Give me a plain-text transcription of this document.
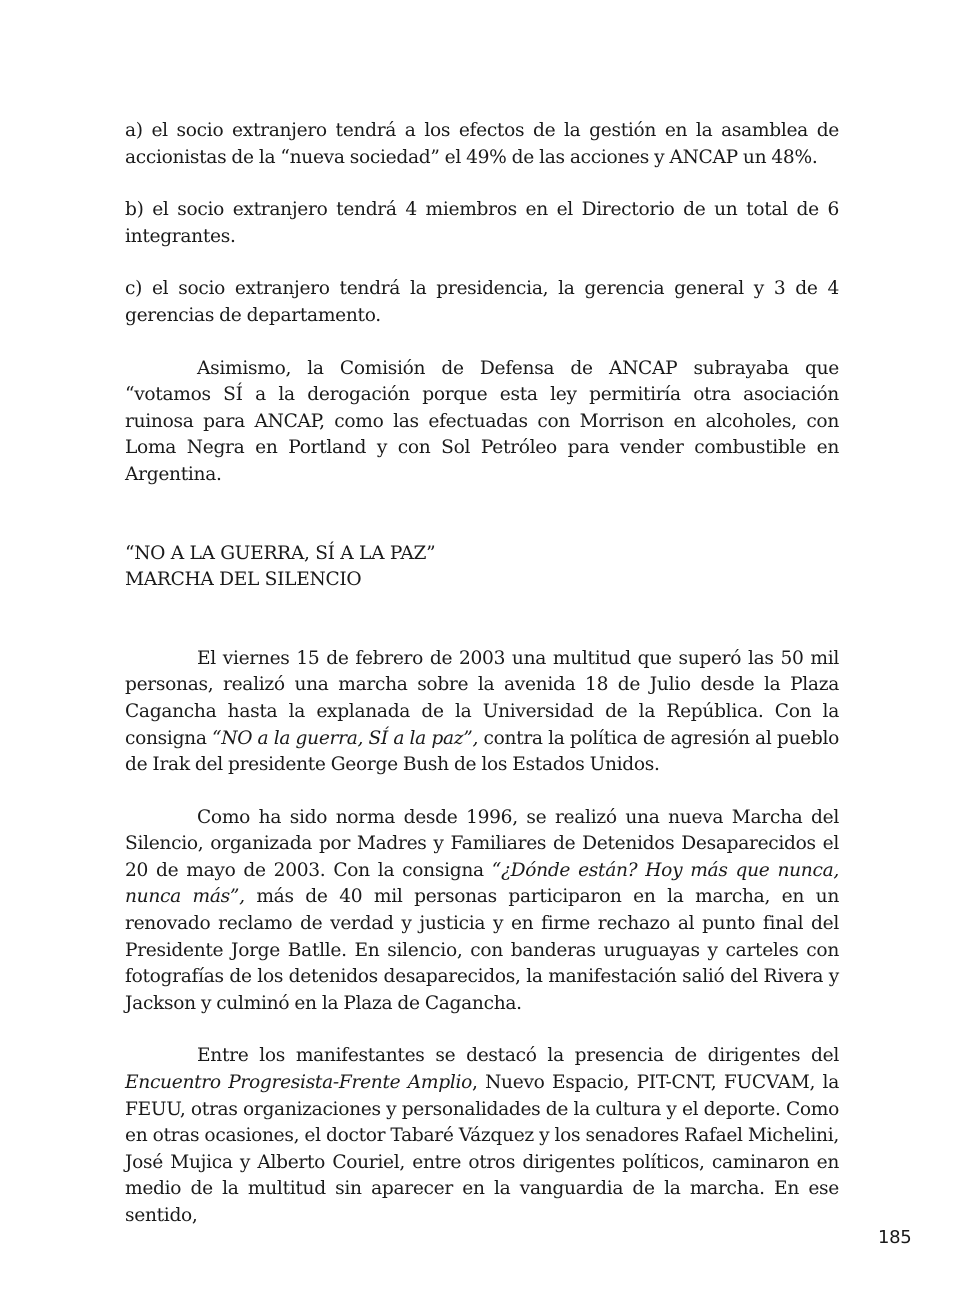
a) el socio extranjero tendrá a los efectos de la gestión en la asamblea de accionistas de la “nueva sociedad” el 49% de las acciones y ANCAP un 48%.

b) el socio extranjero tendrá 4 miembros en el Directorio de un total de 6 integrantes.

c) el socio extranjero tendrá la presidencia, la gerencia general y 3 de 4 gerencias de departamento.

Asimismo, la Comisión de Defensa de ANCAP subrayaba que “votamos SÍ a la derogación porque esta ley permitiría otra asociación ruinosa para ANCAP, como las efectuadas con Morrison en alcoholes, con Loma Negra en Portland y con Sol Petróleo para vender combustible en Argentina.

“NO A LA GUERRA, SÍ A LA PAZ”

MARCHA DEL SILENCIO

El viernes 15 de febrero de 2003 una multitud que superó las 50 mil personas, realizó una marcha sobre la avenida 18 de Julio desde la Plaza Cagancha hasta la explanada de la Universidad de la República. Con la consigna “NO a la guerra, SÍ a la paz”, contra la política de agresión al pueblo de Irak del presidente George Bush de los Estados Unidos.

Como ha sido norma desde 1996, se realizó una nueva Marcha del Silencio, organizada por Madres y Familiares de Detenidos Desaparecidos el 20 de mayo de 2003. Con la consigna “¿Dónde están? Hoy más que nunca, nunca más”, más de 40 mil personas participaron en la marcha, en un renovado reclamo de verdad y justicia y en firme rechazo al punto final del Presidente Jorge Batlle. En silencio, con banderas uruguayas y carteles con fotografías de los detenidos desaparecidos, la manifestación salió del Rivera y Jackson y culminó en la Plaza de Cagancha.

Entre los manifestantes se destacó la presencia de dirigentes del Encuentro Progresista-Frente Amplio, Nuevo Espacio, PIT-CNT, FUCVAM, la FEUU, otras organizaciones y personalidades de la cultura y el deporte. Como en otras ocasiones, el doctor Tabaré Vázquez y los senadores Rafael Michelini, José Mujica y Alberto Couriel, entre otros dirigentes políticos, caminaron en medio de la multitud sin aparecer en la vanguardia de la marcha. En ese sentido,

185
